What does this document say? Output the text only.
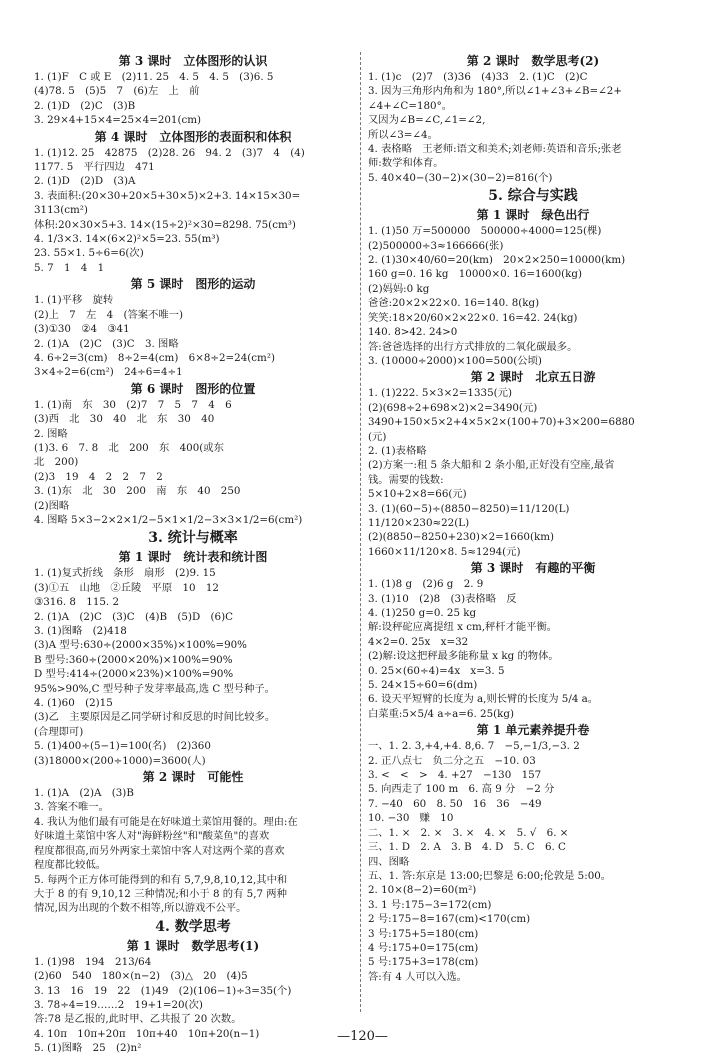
第 3 课时　立体图形的认识
1. (1)F　C 或 E　(2)11. 25　4. 5　4. 5　(3)6. 5
(4)78. 5　(5)5　7　(6)左　上　前
2. (1)D　(2)C　(3)B
3. 29×4+15×4=25×4=201(cm)
第 4 课时　立体图形的表面积和体积
1. (1)12. 25　42875　(2)28. 26　94. 2　(3)7　4　(4)
1177. 5　平行四边　471
2. (1)D　(2)D　(3)A
3. 表面积:(20×30+20×5+30×5)×2+3. 14×15×30=
3113(cm²)
体积:20×30×5+3. 14×(15÷2)²×30=8298. 75(cm³)
4. 1/3×3. 14×(6×2)²×5=23. 55(m³)
23. 55×1. 5÷6=6(次)
5. 7　1　4　1
第 5 课时　图形的运动
1. (1)平移　旋转
(2)上　7　左　4　(答案不唯一)
(3)①30　②4　③41
2. (1)A　(2)C　(3)C　3. 图略
4. 6÷2=3(cm)　8÷2=4(cm)　6×8÷2=24(cm²)
3×4÷2=6(cm²)　24÷6=4÷1
第 6 课时　图形的位置
1. (1)南　东　30　(2)7　7　5　7　4　6
(3)西　北　30　40　北　东　30　40
2. 图略
(1)3. 6　7. 8　北　200　东　400(或东
北　200)
(2)3　19　4　2　2　7　2
3. (1)东　北　30　200　南　东　40　250
(2)图略
4. 图略 5×3−2×2×1/2−5×1×1/2−3×3×1/2=6(cm²)
3. 统计与概率
第 1 课时　统计表和统计图
1. (1)复式折线　条形　扇形　(2)9. 15
(3)①五　山地　②丘陵　平原　10　12
③316. 8　115. 2
2. (1)A　(2)C　(3)C　(4)B　(5)D　(6)C
3. (1)图略　(2)418
(3)A 型号:630÷(2000×35%)×100%=90%
B 型号:360÷(2000×20%)×100%=90%
D 型号:414÷(2000×23%)×100%=90%
95%>90%,C 型号种子发芽率最高,选 C 型号种子。
4. (1)60　(2)15
(3)乙　主要原因是乙同学研讨和反思的时间比较多。
(合理即可)
5. (1)400÷(5−1)=100(名)　(2)360
(3)18000×(200÷1000)=3600(人)
第 2 课时　可能性
1. (1)A　(2)A　(3)B
3. 答案不唯一。
4. 我认为他们最有可能是在好味道土菜馆用餐的。理由:在
好味道土菜馆中客人对"海鲜粉丝"和"酸菜鱼"的喜欢
程度都很高,而另外两家土菜馆中客人对这两个菜的喜欢
程度都比较低。
5. 每两个正方体可能得到的和有 5,7,9,8,10,12,其中和
大于 8 的有 9,10,12 三种情况;和小于 8 的有 5,7 两种
情况,因为出现的个数不相等,所以游戏不公平。
4. 数学思考
第 1 课时　数学思考(1)
1. (1)98　194　213/64
(2)60　540　180×(n−2)　(3)△　20　(4)5
3. 13　16　19　22　(1)49　(2)(106−1)÷3=35(个)
3. 78÷4=19……2　19+1=20(次)
答:78 是乙报的,此时甲、乙共报了 20 次数。
4. 10π　10π+20π　10π+40　10π+20(n−1)
5. (1)图略　25　(2)n²
第 2 课时　数学思考(2)
1. (1)c　(2)7　(3)36　(4)33　2. (1)C　(2)C
3. 因为三角形内角和为 180°,所以∠1+∠3+∠B=∠2+
∠4+∠C=180°。
又因为∠B=∠C,∠1=∠2,
所以∠3=∠4。
4. 表格略　王老师:语文和美术;刘老师:英语和音乐;张老
师:数学和体育。
5. 40×40−(30−2)×(30−2)=816(个)
5. 综合与实践
第 1 课时　绿色出行
1. (1)50 万=500000　500000÷4000=125(棵)
(2)500000÷3≈166666(张)
2. (1)30×40/60=20(km)　20×2×250=10000(km)
160 g=0. 16 kg　10000×0. 16=1600(kg)
(2)妈妈:0 kg
爸爸:20×2×22×0. 16=140. 8(kg)
笑笑:18×20/60×2×22×0. 16=42. 24(kg)
140. 8>42. 24>0
答:爸爸选择的出行方式排放的二氧化碳最多。
3. (10000÷2000)×100=500(公顷)
第 2 课时　北京五日游
1. (1)222. 5×3×2=1335(元)
(2)(698÷2+698×2)×2=3490(元)
3490+150×5×2+4×5×2×(100+70)+3×200=6880
(元)
2. (1)表格略
(2)方案一:租 5 条大船和 2 条小船,正好没有空座,最省
钱。需要的钱数:
5×10+2×8=66(元)
3. (1)(60−5)÷(8850−8250)=11/120(L)
11/120×230≈22(L)
(2)(8850−8250+230)×2=1660(km)
1660×11/120×8. 5≈1294(元)
第 3 课时　有趣的平衡
1. (1)8 g　(2)6 g　2. 9
3. (1)10　(2)8　(3)表格略　反
4. (1)250 g=0. 25 kg
解:设秤砣应离提纽 x cm,秤杆才能平衡。
4×2=0. 25x　x=32
(2)解:设这把秤最多能称量 x kg 的物体。
0. 25×(60÷4)=4x　x=3. 5
5. 24×15÷60=6(dm)
6. 设天平短臂的长度为 a,则长臂的长度为 5/4 a。
白菜重:5×5/4 a÷a=6. 25(kg)
第 1 单元素养提升卷
一、1. 2. 3,+4,+4. 8,6. 7　−5,−1/3,−3. 2
2. 正八点七　负二分之五　−10. 03
3. <　<　>　4. +27　−130　157
5. 向西走了 100 m　6. 高 9 分　−2 分
7. −40　60　8. 50　16　36　−49
10. −30　赚　10
二、1. ×　2. ×　3. ×　4. ×　5. √　6. ×
三、1. D　2. A　3. B　4. D　5. C　6. C
四、图略
五、1. 答:东京是 13:00;巴黎是 6:00;伦敦是 5:00。
2. 10×(8−2)=60(m²)
3. 1 号:175−3=172(cm)
2 号:175−8=167(cm)<170(cm)
3 号:175+5=180(cm)
4 号:175+0=175(cm)
5 号:175+3=178(cm)
答:有 4 人可以入选。
—120—
